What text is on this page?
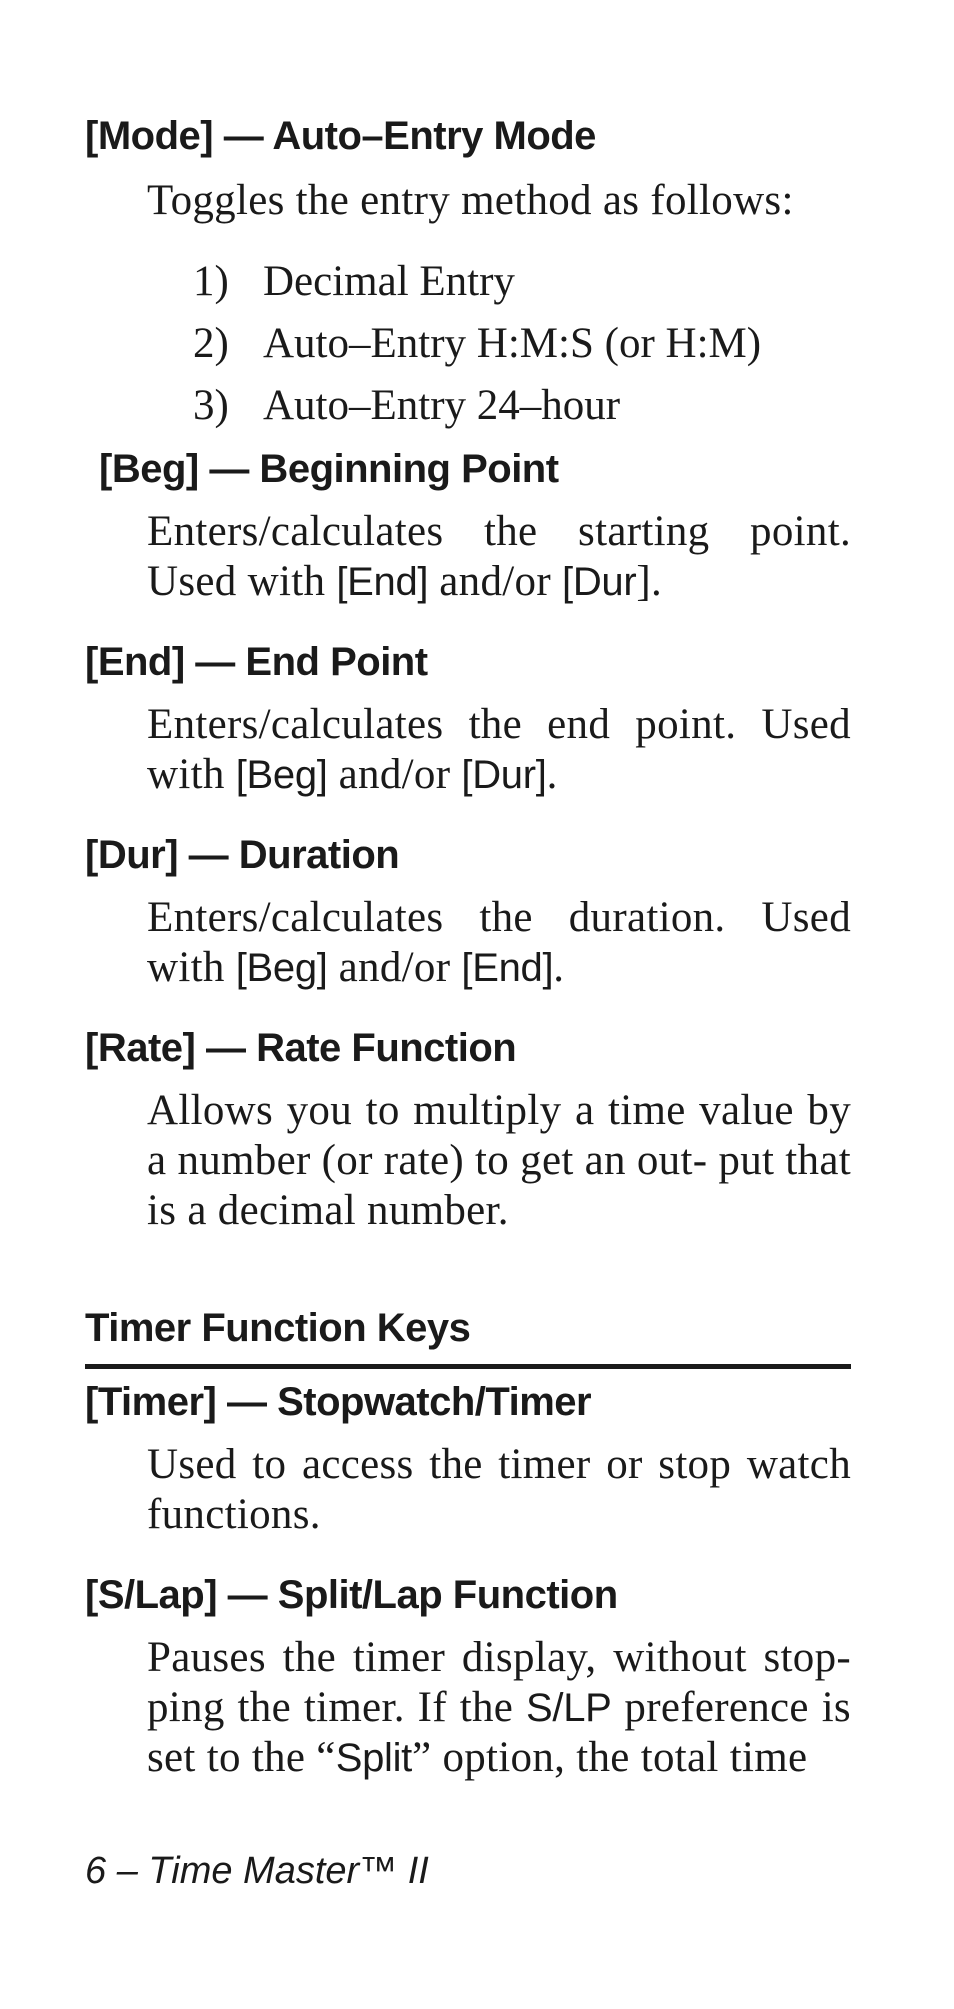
[Mode] — Auto–Entry Mode

Toggles the entry method as follows:

1) Decimal Entry
2) Auto–Entry H:M:S (or H:M)
3) Auto–Entry 24–hour
[Beg] — Beginning Point

Enters/calculates the starting point. Used with [End] and/or [Dur].

[End] — End Point

Enters/calculates the end point. Used with [Beg] and/or [Dur].

[Dur] — Duration

Enters/calculates the duration. Used with [Beg] and/or [End].

[Rate] — Rate Function

Allows you to multiply a time value by a number (or rate) to get an out- put that is a decimal number.

Timer Function Keys
[Timer] — Stopwatch/Timer

Used to access the timer or stop watch functions.

[S/Lap] — Split/Lap Function

Pauses the timer display, without stop- ping the timer. If the S/LP preference is set to the “Split” option, the total time

6 – Time Master™ II
